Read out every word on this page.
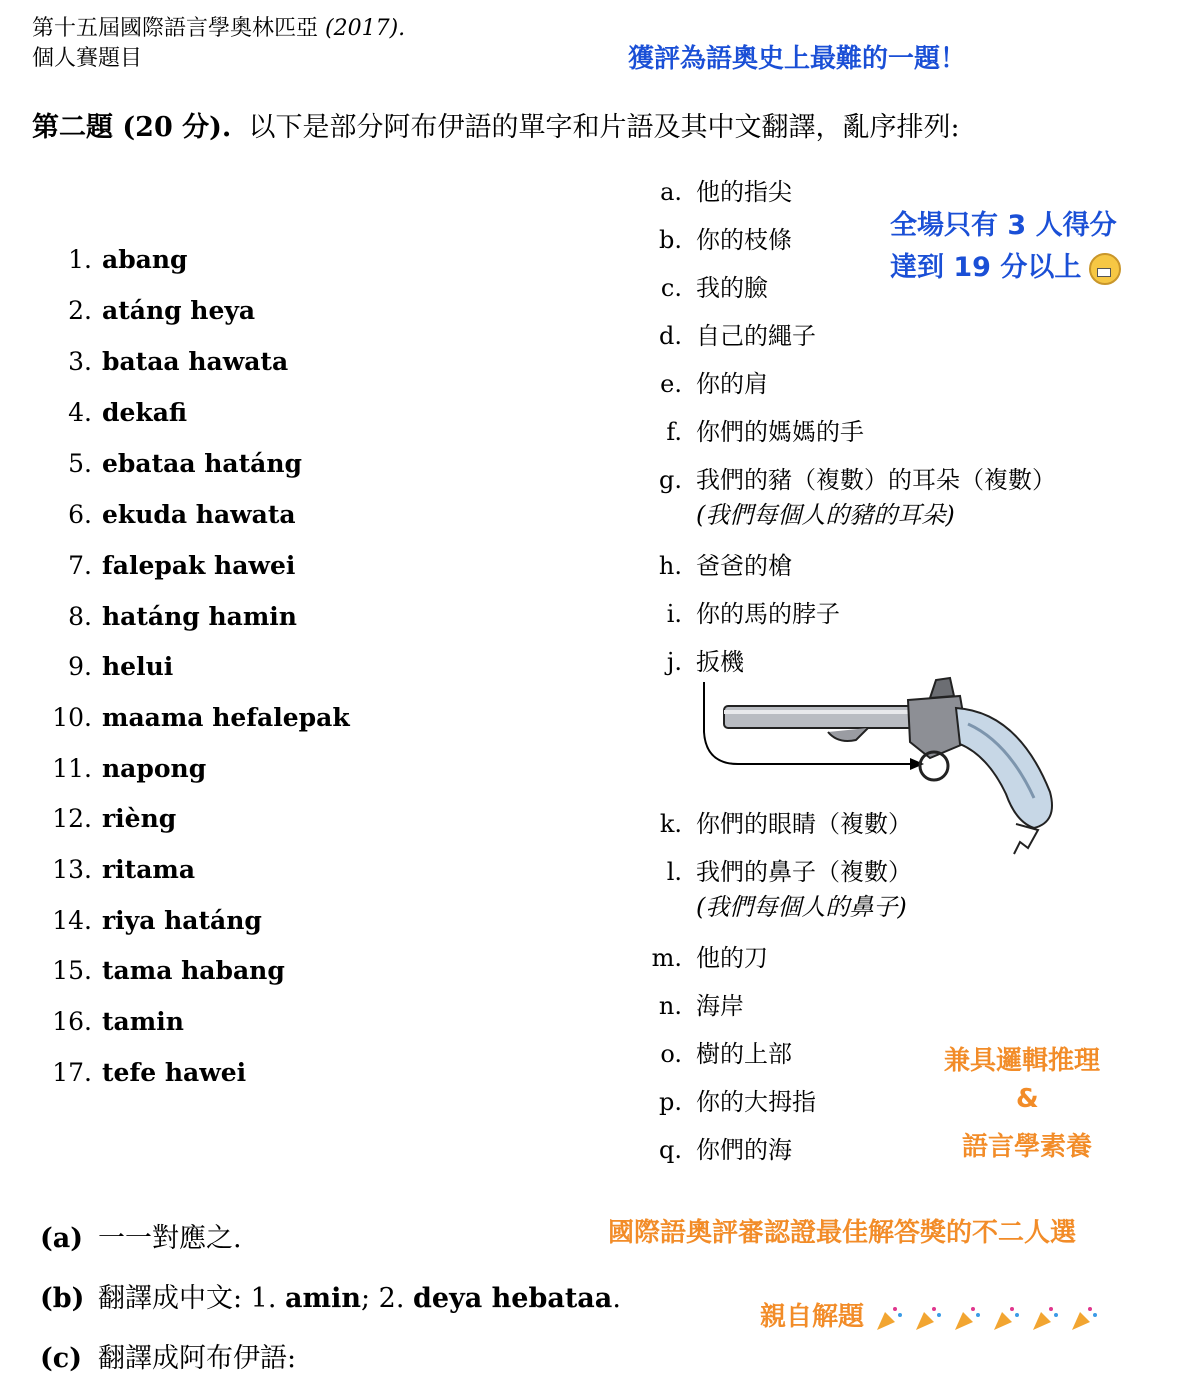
第十五屆國際語言學奧林匹亞 (2017).
個人賽題目	獲評為語奧史上最難的一題！
第二題 (20 分). 以下是部分阿布伊語的單字和片語及其中文翻譯，亂序排列:
全場只有 3 人得分
達到 19 分以上
1. abang
2. atáng heya
3. bataa hawata
4. dekafi
5. ebataa hatáng
6. ekuda hawata
7. falepak hawei
8. hatáng hamin
9. helui
10. maama hefalepak
11. napong
12. rièng
13. ritama
14. riya hatáng
15. tama habang
16. tamin
17. tefe hawei
a. 他的指尖
b. 你的枝條
c. 我的臉
d. 自己的繩子
e. 你的肩
f. 你們的媽媽的手
g. 我們的豬（複數）的耳朵（複數）
(我們每個人的豬的耳朵)
h. 爸爸的槍
i. 你的馬的脖子
j. 扳機
k. 你們的眼睛（複數）
l. 我們的鼻子（複數）
(我們每個人的鼻子)
m. 他的刀
n. 海岸
o. 樹的上部
p. 你的大拇指
q. 你們的海
兼具邏輯推理
&
語言學素養
國際語奧評審認證最佳解答獎的不二人選
親自解題
(a) 一一對應之.
(b) 翻譯成中文: 1. amin; 2. deya hebataa.
(c) 翻譯成阿布伊語:
